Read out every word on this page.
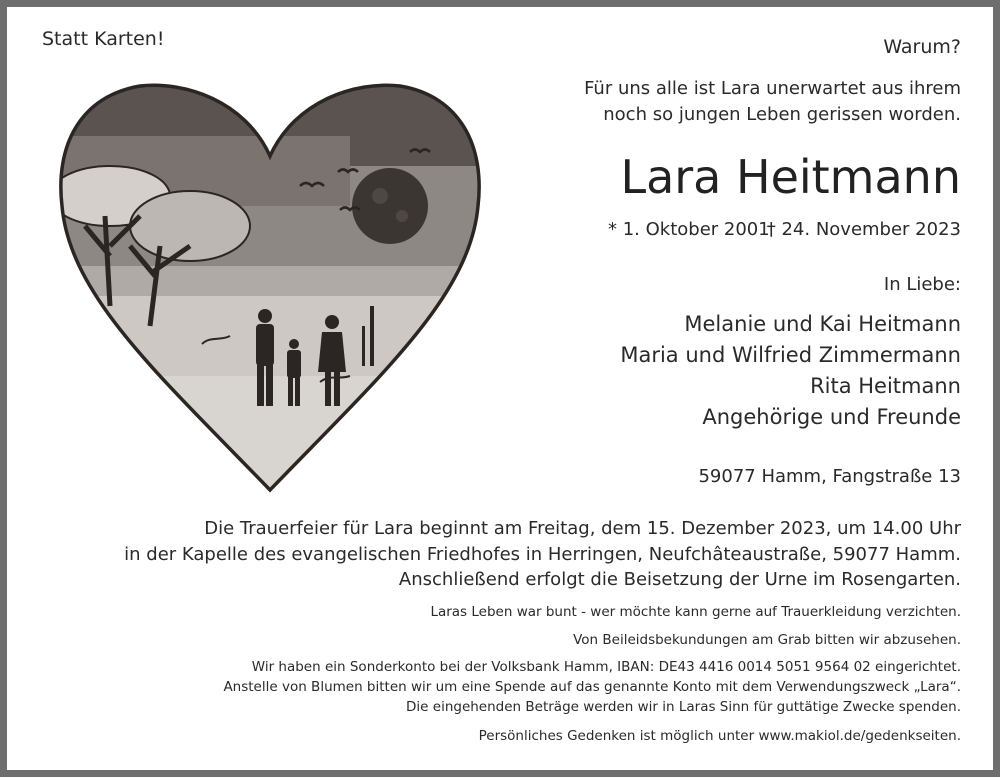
Statt Karten!	Warum?
Für uns alle ist Lara unerwartet aus ihrem
noch so jungen Leben gerissen worden.
Lara Heitmann
* 1. Oktober 2001
† 24. November 2023
In Liebe:
Melanie und Kai Heitmann
Maria und Wilfried Zimmermann
Rita Heitmann
Angehörige und Freunde
59077 Hamm, Fangstraße 13
Die Trauerfeier für Lara beginnt am Freitag, dem 15. Dezember 2023, um 14.00 Uhr
in der Kapelle des evangelischen Friedhofes in Herringen, Neufchâteaustraße, 59077 Hamm.
Anschließend erfolgt die Beisetzung der Urne im Rosengarten.
Laras Leben war bunt - wer möchte kann gerne auf Trauerkleidung verzichten.
Von Beileidsbekundungen am Grab bitten wir abzusehen.
Wir haben ein Sonderkonto bei der Volksbank Hamm, IBAN: DE43 4416 0014 5051 9564 02 eingerichtet.
Anstelle von Blumen bitten wir um eine Spende auf das genannte Konto mit dem Verwendungszweck „Lara“.
Die eingehenden Beträge werden wir in Laras Sinn für guttätige Zwecke spenden.
Persönliches Gedenken ist möglich unter www.makiol.de/gedenkseiten.
